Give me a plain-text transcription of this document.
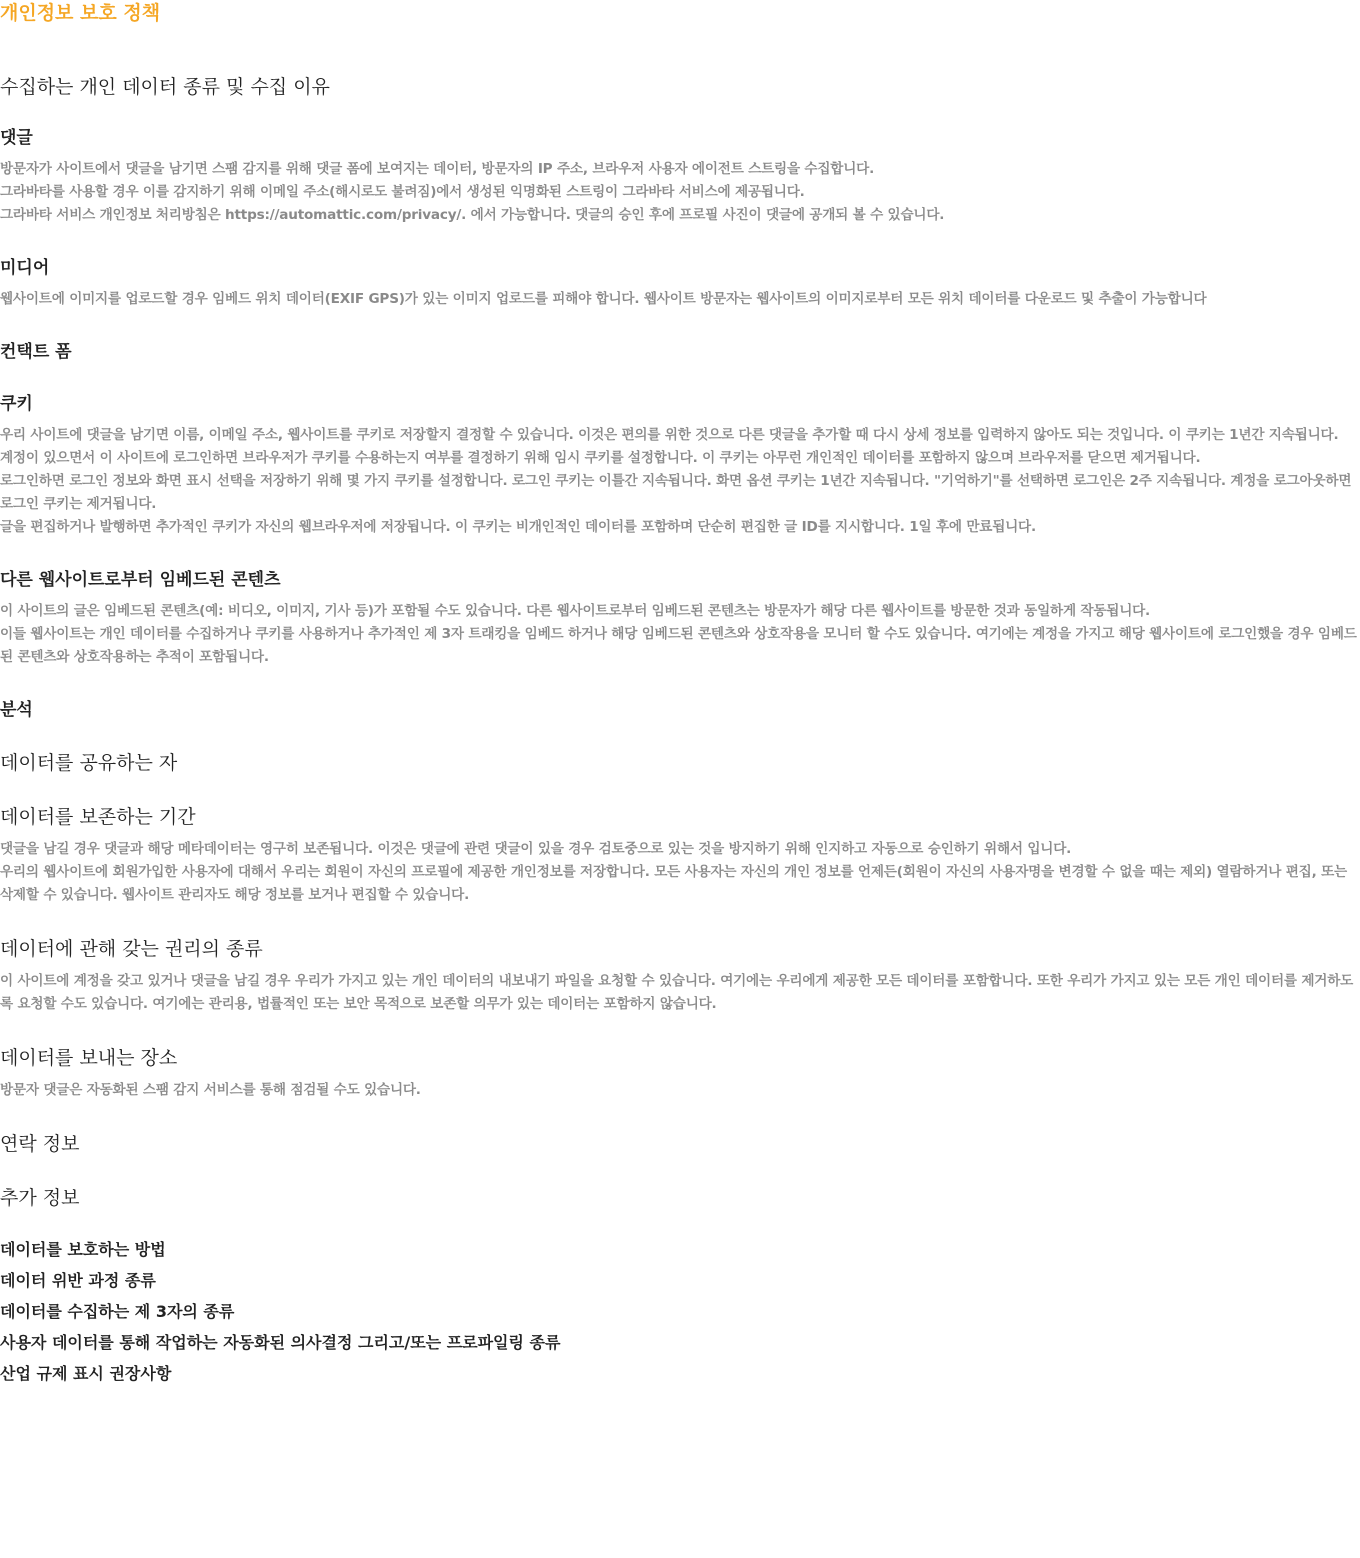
개인정보 보호 정책
수집하는 개인 데이터 종류 및 수집 이유
댓글

방문자가 사이트에서 댓글을 남기면 스팸 감지를 위해 댓글 폼에 보여지는 데이터, 방문자의 IP 주소, 브라우저 사용자 에이전트 스트링을 수집합니다.

그라바타를 사용할 경우 이를 감지하기 위해 이메일 주소(해시로도 불려짐)에서 생성된 익명화된 스트링이 그라바타 서비스에 제공됩니다.

그라바타 서비스 개인정보 처리방침은 https://automattic.com/privacy/. 에서 가능합니다. 댓글의 승인 후에 프로필 사진이 댓글에 공개되 볼 수 있습니다.

미디어

웹사이트에 이미지를 업로드할 경우 임베드 위치 데이터(EXIF GPS)가 있는 이미지 업로드를 피해야 합니다. 웹사이트 방문자는 웹사이트의 이미지로부터 모든 위치 데이터를 다운로드 및 추출이 가능합니다

컨택트 폼
쿠키

우리 사이트에 댓글을 남기면 이름, 이메일 주소, 웹사이트를 쿠키로 저장할지 결정할 수 있습니다. 이것은 편의를 위한 것으로 다른 댓글을 추가할 때 다시 상세 정보를 입력하지 않아도 되는 것입니다. 이 쿠키는 1년간 지속됩니다.

계정이 있으면서 이 사이트에 로그인하면 브라우저가 쿠키를 수용하는지 여부를 결정하기 위해 임시 쿠키를 설정합니다. 이 쿠키는 아무런 개인적인 데이터를 포함하지 않으며 브라우저를 닫으면 제거됩니다.

로그인하면 로그인 정보와 화면 표시 선택을 저장하기 위해 몇 가지 쿠키를 설정합니다. 로그인 쿠키는 이틀간 지속됩니다. 화면 옵션 쿠키는 1년간 지속됩니다. "기억하기"를 선택하면 로그인은 2주 지속됩니다. 계정을 로그아웃하면 로그인 쿠키는 제거됩니다.

글을 편집하거나 발행하면 추가적인 쿠키가 자신의 웹브라우저에 저장됩니다. 이 쿠키는 비개인적인 데이터를 포함하며 단순히 편집한 글 ID를 지시합니다. 1일 후에 만료됩니다.

다른 웹사이트로부터 임베드된 콘텐츠

이 사이트의 글은 임베드된 콘텐츠(예: 비디오, 이미지, 기사 등)가 포함될 수도 있습니다. 다른 웹사이트로부터 임베드된 콘텐츠는 방문자가 해당 다른 웹사이트를 방문한 것과 동일하게 작동됩니다.

이들 웹사이트는 개인 데이터를 수집하거나 쿠키를 사용하거나 추가적인 제 3자 트래킹을 임베드 하거나 해당 임베드된 콘텐츠와 상호작용을 모니터 할 수도 있습니다. 여기에는 계정을 가지고 해당 웹사이트에 로그인했을 경우 임베드된 콘텐츠와 상호작용하는 추적이 포함됩니다.

분석
데이터를 공유하는 자
데이터를 보존하는 기간

댓글을 남길 경우 댓글과 해당 메타데이터는 영구히 보존됩니다. 이것은 댓글에 관련 댓글이 있을 경우 검토중으로 있는 것을 방지하기 위해 인지하고 자동으로 승인하기 위해서 입니다.

우리의 웹사이트에 회원가입한 사용자에 대해서 우리는 회원이 자신의 프로필에 제공한 개인정보를 저장합니다. 모든 사용자는 자신의 개인 정보를 언제든(회원이 자신의 사용자명을 변경할 수 없을 때는 제외) 열람하거나 편집, 또는 삭제할 수 있습니다. 웹사이트 관리자도 해당 정보를 보거나 편집할 수 있습니다.

데이터에 관해 갖는 권리의 종류

이 사이트에 계정을 갖고 있거나 댓글을 남길 경우 우리가 가지고 있는 개인 데이터의 내보내기 파일을 요청할 수 있습니다. 여기에는 우리에게 제공한 모든 데이터를 포함합니다. 또한 우리가 가지고 있는 모든 개인 데이터를 제거하도록 요청할 수도 있습니다. 여기에는 관리용, 법률적인 또는 보안 목적으로 보존할 의무가 있는 데이터는 포함하지 않습니다.

데이터를 보내는 장소

방문자 댓글은 자동화된 스팸 감지 서비스를 통해 점검될 수도 있습니다.

연락 정보
추가 정보
데이터를 보호하는 방법
데이터 위반 과정 종류
데이터를 수집하는 제 3자의 종류
사용자 데이터를 통해 작업하는 자동화된 의사결정 그리고/또는 프로파일링 종류
산업 규제 표시 권장사항
